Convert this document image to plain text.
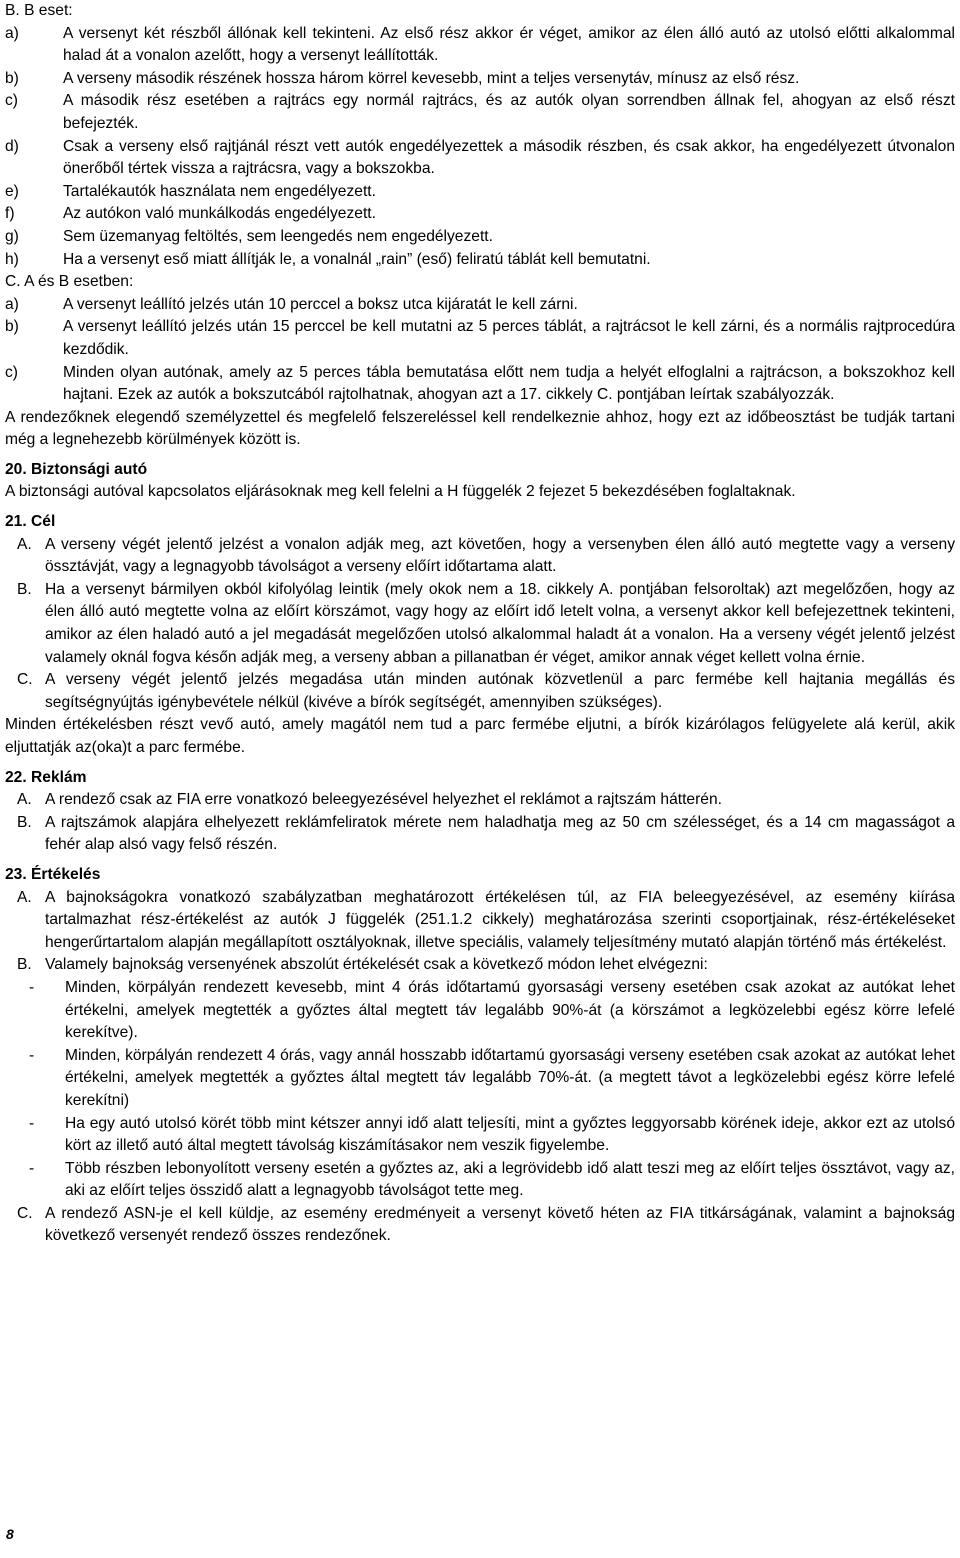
B. B eset:

a)	A versenyt két részből állónak kell tekinteni. Az első rész akkor ér véget, amikor az élen álló autó az utolsó előtti alkalommal halad át a vonalon azelőtt, hogy a versenyt leállították.
b)	A verseny második részének hossza három körrel kevesebb, mint a teljes versenytáv, mínusz az első rész.
c)	A második rész esetében a rajtrács egy normál rajtrács, és az autók olyan sorrendben állnak fel, ahogyan az első részt befejezték.
d)	Csak a verseny első rajtjánál részt vett autók engedélyezettek a második részben, és csak akkor, ha engedélyezett útvonalon önerőből tértek vissza a rajtrácsra, vagy a bokszokba.
e)	Tartalékautók használata nem engedélyezett.
f)	Az autókon való munkálkodás engedélyezett.
g)	Sem üzemanyag feltöltés, sem leengedés nem engedélyezett.
h)	Ha a versenyt eső miatt állítják le, a vonalnál „rain” (eső) feliratú táblát kell bemutatni.

C. A és B esetben:

a)	A versenyt leállító jelzés után 10 perccel a boksz utca kijáratát le kell zárni.
b)	A versenyt leállító jelzés után 15 perccel be kell mutatni az 5 perces táblát, a rajtrácsot le kell zárni, és a normális rajtprocedúra kezdődik.
c)	Minden olyan autónak, amely az 5 perces tábla bemutatása előtt nem tudja a helyét elfoglalni a rajtrácson, a bokszokhoz kell hajtani. Ezek az autók a bokszutcából rajtolhatnak, ahogyan azt a 17. cikkely C. pontjában leírtak szabályozzák.

A rendezőknek elegendő személyzettel és megfelelő felszereléssel kell rendelkeznie ahhoz, hogy ezt az időbeosztást be tudják tartani még a legnehezebb körülmények között is.

20. Biztonsági autó

A biztonsági autóval kapcsolatos eljárásoknak meg kell felelni a H függelék 2 fejezet 5 bekezdésében foglaltaknak.

21. Cél

A. A verseny végét jelentő jelzést a vonalon adják meg, azt követően, hogy a versenyben élen álló autó megtette vagy a verseny össztávját, vagy a legnagyobb távolságot a verseny előírt időtartama alatt.
B. Ha a versenyt bármilyen okból kifolyólag leintik (mely okok nem a 18. cikkely A. pontjában felsoroltak) azt megelőzően, hogy az élen álló autó megtette volna az előírt körszámot, vagy hogy az előírt idő letelt volna, a versenyt akkor kell befejezettnek tekinteni, amikor az élen haladó autó a jel megadását megelőzően utolsó alkalommal haladt át a vonalon. Ha a verseny végét jelentő jelzést valamely oknál fogva későn adják meg, a verseny abban a pillanatban ér véget, amikor annak véget kellett volna érnie.
C. A verseny végét jelentő jelzés megadása után minden autónak közvetlenül a parc fermébe kell hajtania megállás és segítségnyújtás igénybevétele nélkül (kivéve a bírók segítségét, amennyiben szükséges).

Minden értékelésben részt vevő autó, amely magától nem tud a parc fermébe eljutni, a bírók kizárólagos felügyelete alá kerül, akik eljuttatják az(oka)t a parc fermébe.

22. Reklám

A. A rendező csak az FIA erre vonatkozó beleegyezésével helyezhet el reklámot a rajtszám hátterén.
B. A rajtszámok alapjára elhelyezett reklámfeliratok mérete nem haladhatja meg az 50 cm szélességet, és a 14 cm magasságot a fehér alap alsó vagy felső részén.

23. Értékelés

A. A bajnokságokra vonatkozó szabályzatban meghatározott értékelésen túl, az FIA beleegyezésével, az esemény kiírása tartalmazhat rész-értékelést az autók J függelék (251.1.2 cikkely) meghatározása szerinti csoportjainak, rész-értékeléseket hengerűrtartalom alapján megállapított osztályoknak, illetve speciális, valamely teljesítmény mutató alapján történő más értékelést.
B. Valamely bajnokság versenyének abszolút értékelését csak a következő módon lehet elvégezni:
- Minden, körpályán rendezett kevesebb, mint 4 órás időtartamú gyorsasági verseny esetében csak azokat az autókat lehet értékelni, amelyek megtették a győztes által megtett táv legalább 90%-át (a körszámot a legközelebbi egész körre lefelé kerekítve).
- Minden, körpályán rendezett 4 órás, vagy annál hosszabb időtartamú gyorsasági verseny esetében csak azokat az autókat lehet értékelni, amelyek megtették a győztes által megtett táv legalább 70%-át. (a megtett távot a legközelebbi egész körre lefelé kerekítni)
- Ha egy autó utolsó körét több mint kétszer annyi idő alatt teljesíti, mint a győztes leggyorsabb körének ideje, akkor ezt az utolsó kört az illető autó által megtett távolság kiszámításakor nem veszik figyelembe.
- Több részben lebonyolított verseny esetén a győztes az, aki a legrövidebb idő alatt teszi meg az előírt teljes össztávot, vagy az, aki az előírt teljes összidő alatt a legnagyobb távolságot tette meg.
C. A rendező ASN-je el kell küldje, az esemény eredményeit a versenyt követő héten az FIA titkárságának, valamint a bajnokság következő versenyét rendező összes rendezőnek.
8
